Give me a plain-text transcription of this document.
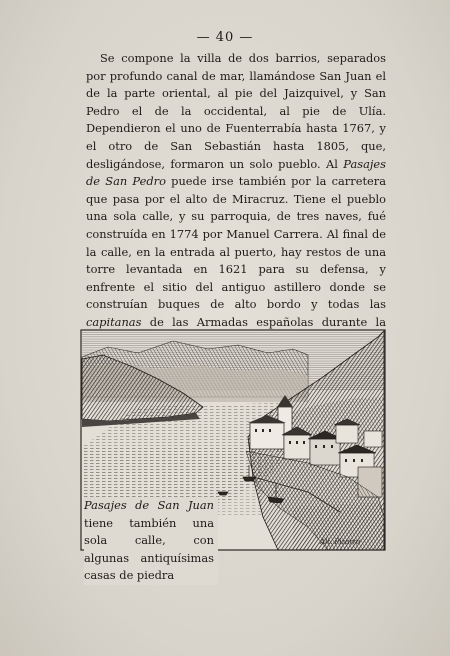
— 40 —

Se compone la villa de dos barrios, separados por profundo canal de mar, llamándose San Juan el de la parte oriental, al pie del Jaizquivel, y San Pedro el de la occidental, al pie de Ulía. Dependieron el uno de Fuenterrabía hasta 1767, y el otro de San Sebastián hasta 1805, que, desligándose, formaron un solo pueblo. Al Pasajes de San Pedro puede irse también por la carretera que pasa por el alto de Miracruz. Tiene el pueblo una sola calle, y su parroquia, de tres naves, fué construída en 1774 por Manuel Carrera. Al final de la calle, en la entrada al puerto, hay restos de una torre levantada en 1621 para su defensa, y enfrente el sitio del antiguo astillero donde se construían buques de alto bordo y todas las capitanas de las Armadas españolas durante la

Pasajes de San Juan tiene también una sola calle, con algunas antiquísimas casas de piedra

Alt. Pizarro
